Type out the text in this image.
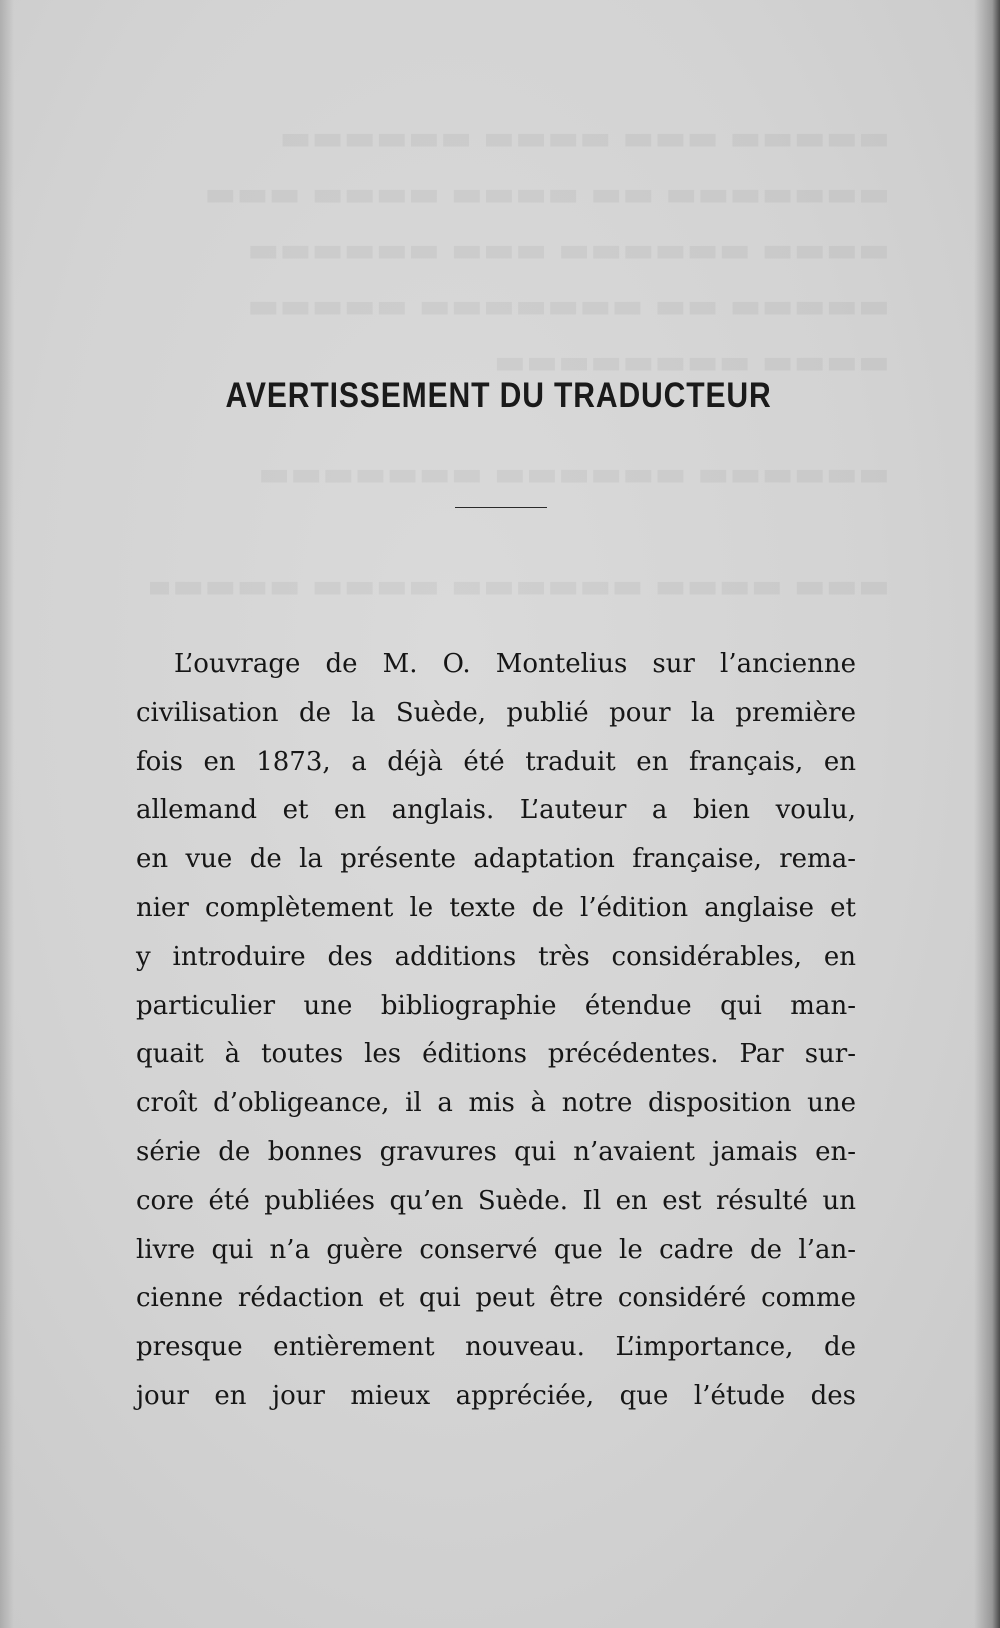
AVERTISSEMENT DU TRADUCTEUR
L’ouvrage de M. O. Montelius sur l’ancienne
civilisation de la Suède, publié pour la première
fois en 1873, a déjà été traduit en français, en
allemand et en anglais. L’auteur a bien voulu,
en vue de la présente adaptation française, rema-
nier complètement le texte de l’édition anglaise et
y introduire des additions très considérables, en
particulier une bibliographie étendue qui man-
quait à toutes les éditions précédentes. Par sur-
croît d’obligeance, il a mis à notre disposition une
série de bonnes gravures qui n’avaient jamais en-
core été publiées qu’en Suède. Il en est résulté un
livre qui n’a guère conservé que le cadre de l’an-
cienne rédaction et qui peut être considéré comme
presque entièrement nouveau. L’importance, de
jour en jour mieux appréciée, que l’étude des
